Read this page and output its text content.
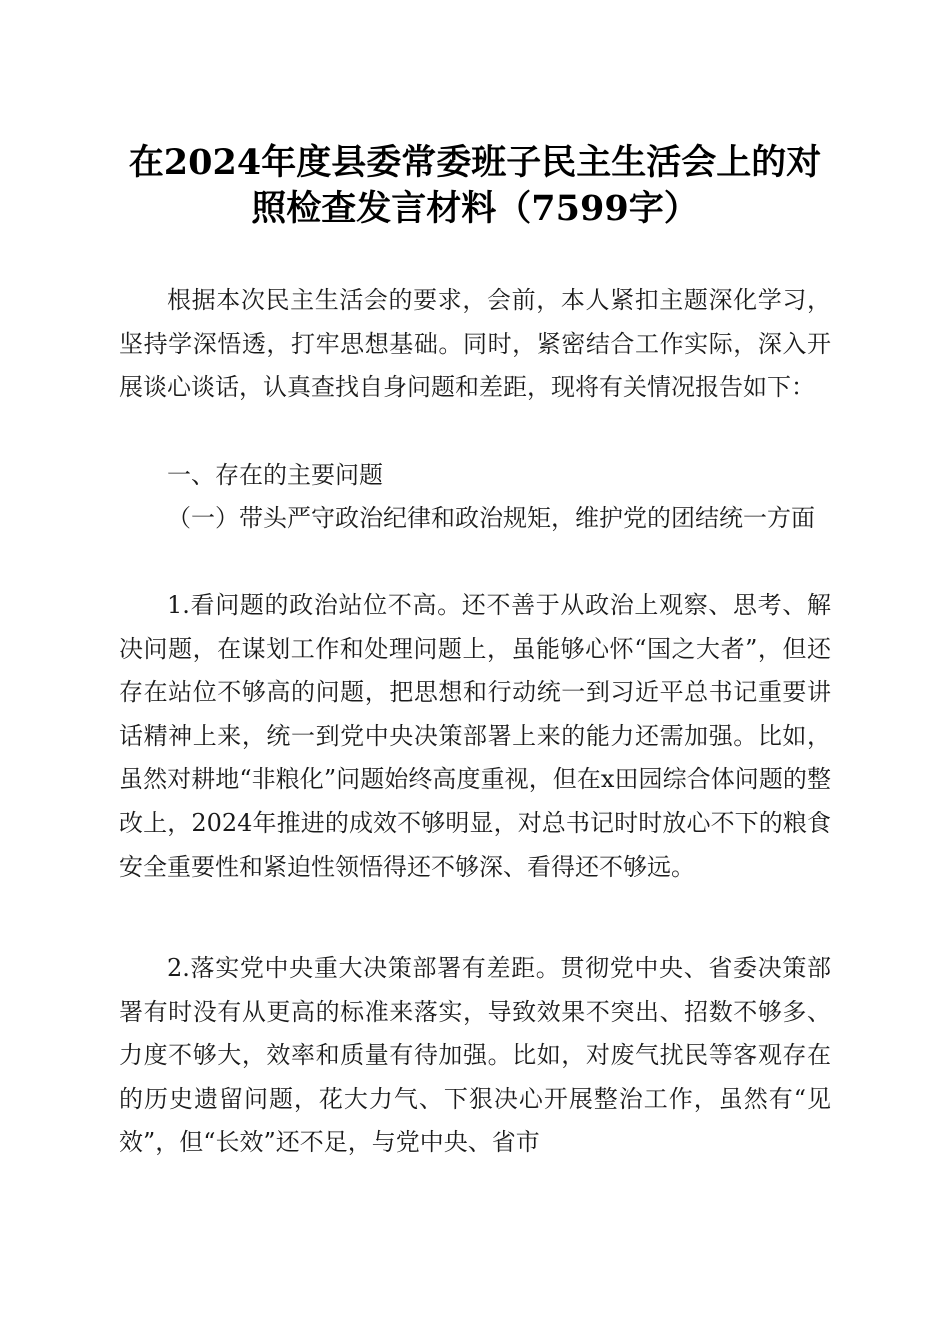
在2024年度县委常委班子民主生活会上的对
照检查发言材料（7599字）

根据本次民主生活会的要求，会前，本人紧扣主题深化学习，坚持学深悟透，打牢思想基础。同时，紧密结合工作实际，深入开展谈心谈话，认真查找自身问题和差距，现将有关情况报告如下：

一、存在的主要问题

（一）带头严守政治纪律和政治规矩，维护党的团结统一方面

1.看问题的政治站位不高。还不善于从政治上观察、思考、解决问题，在谋划工作和处理问题上，虽能够心怀“国之大者”，但还存在站位不够高的问题，把思想和行动统一到习近平总书记重要讲话精神上来，统一到党中央决策部署上来的能力还需加强。比如，虽然对耕地“非粮化”问题始终高度重视，但在x田园综合体问题的整改上，2024年推进的成效不够明显，对总书记时时放心不下的粮食安全重要性和紧迫性领悟得还不够深、看得还不够远。

2.落实党中央重大决策部署有差距。贯彻党中央、省委决策部署有时没有从更高的标准来落实，导致效果不突出、招数不够多、力度不够大，效率和质量有待加强。比如，对废气扰民等客观存在的历史遗留问题，花大力气、下狠决心开展整治工作，虽然有“见效”，但“长效”还不足，与党中央、省市
